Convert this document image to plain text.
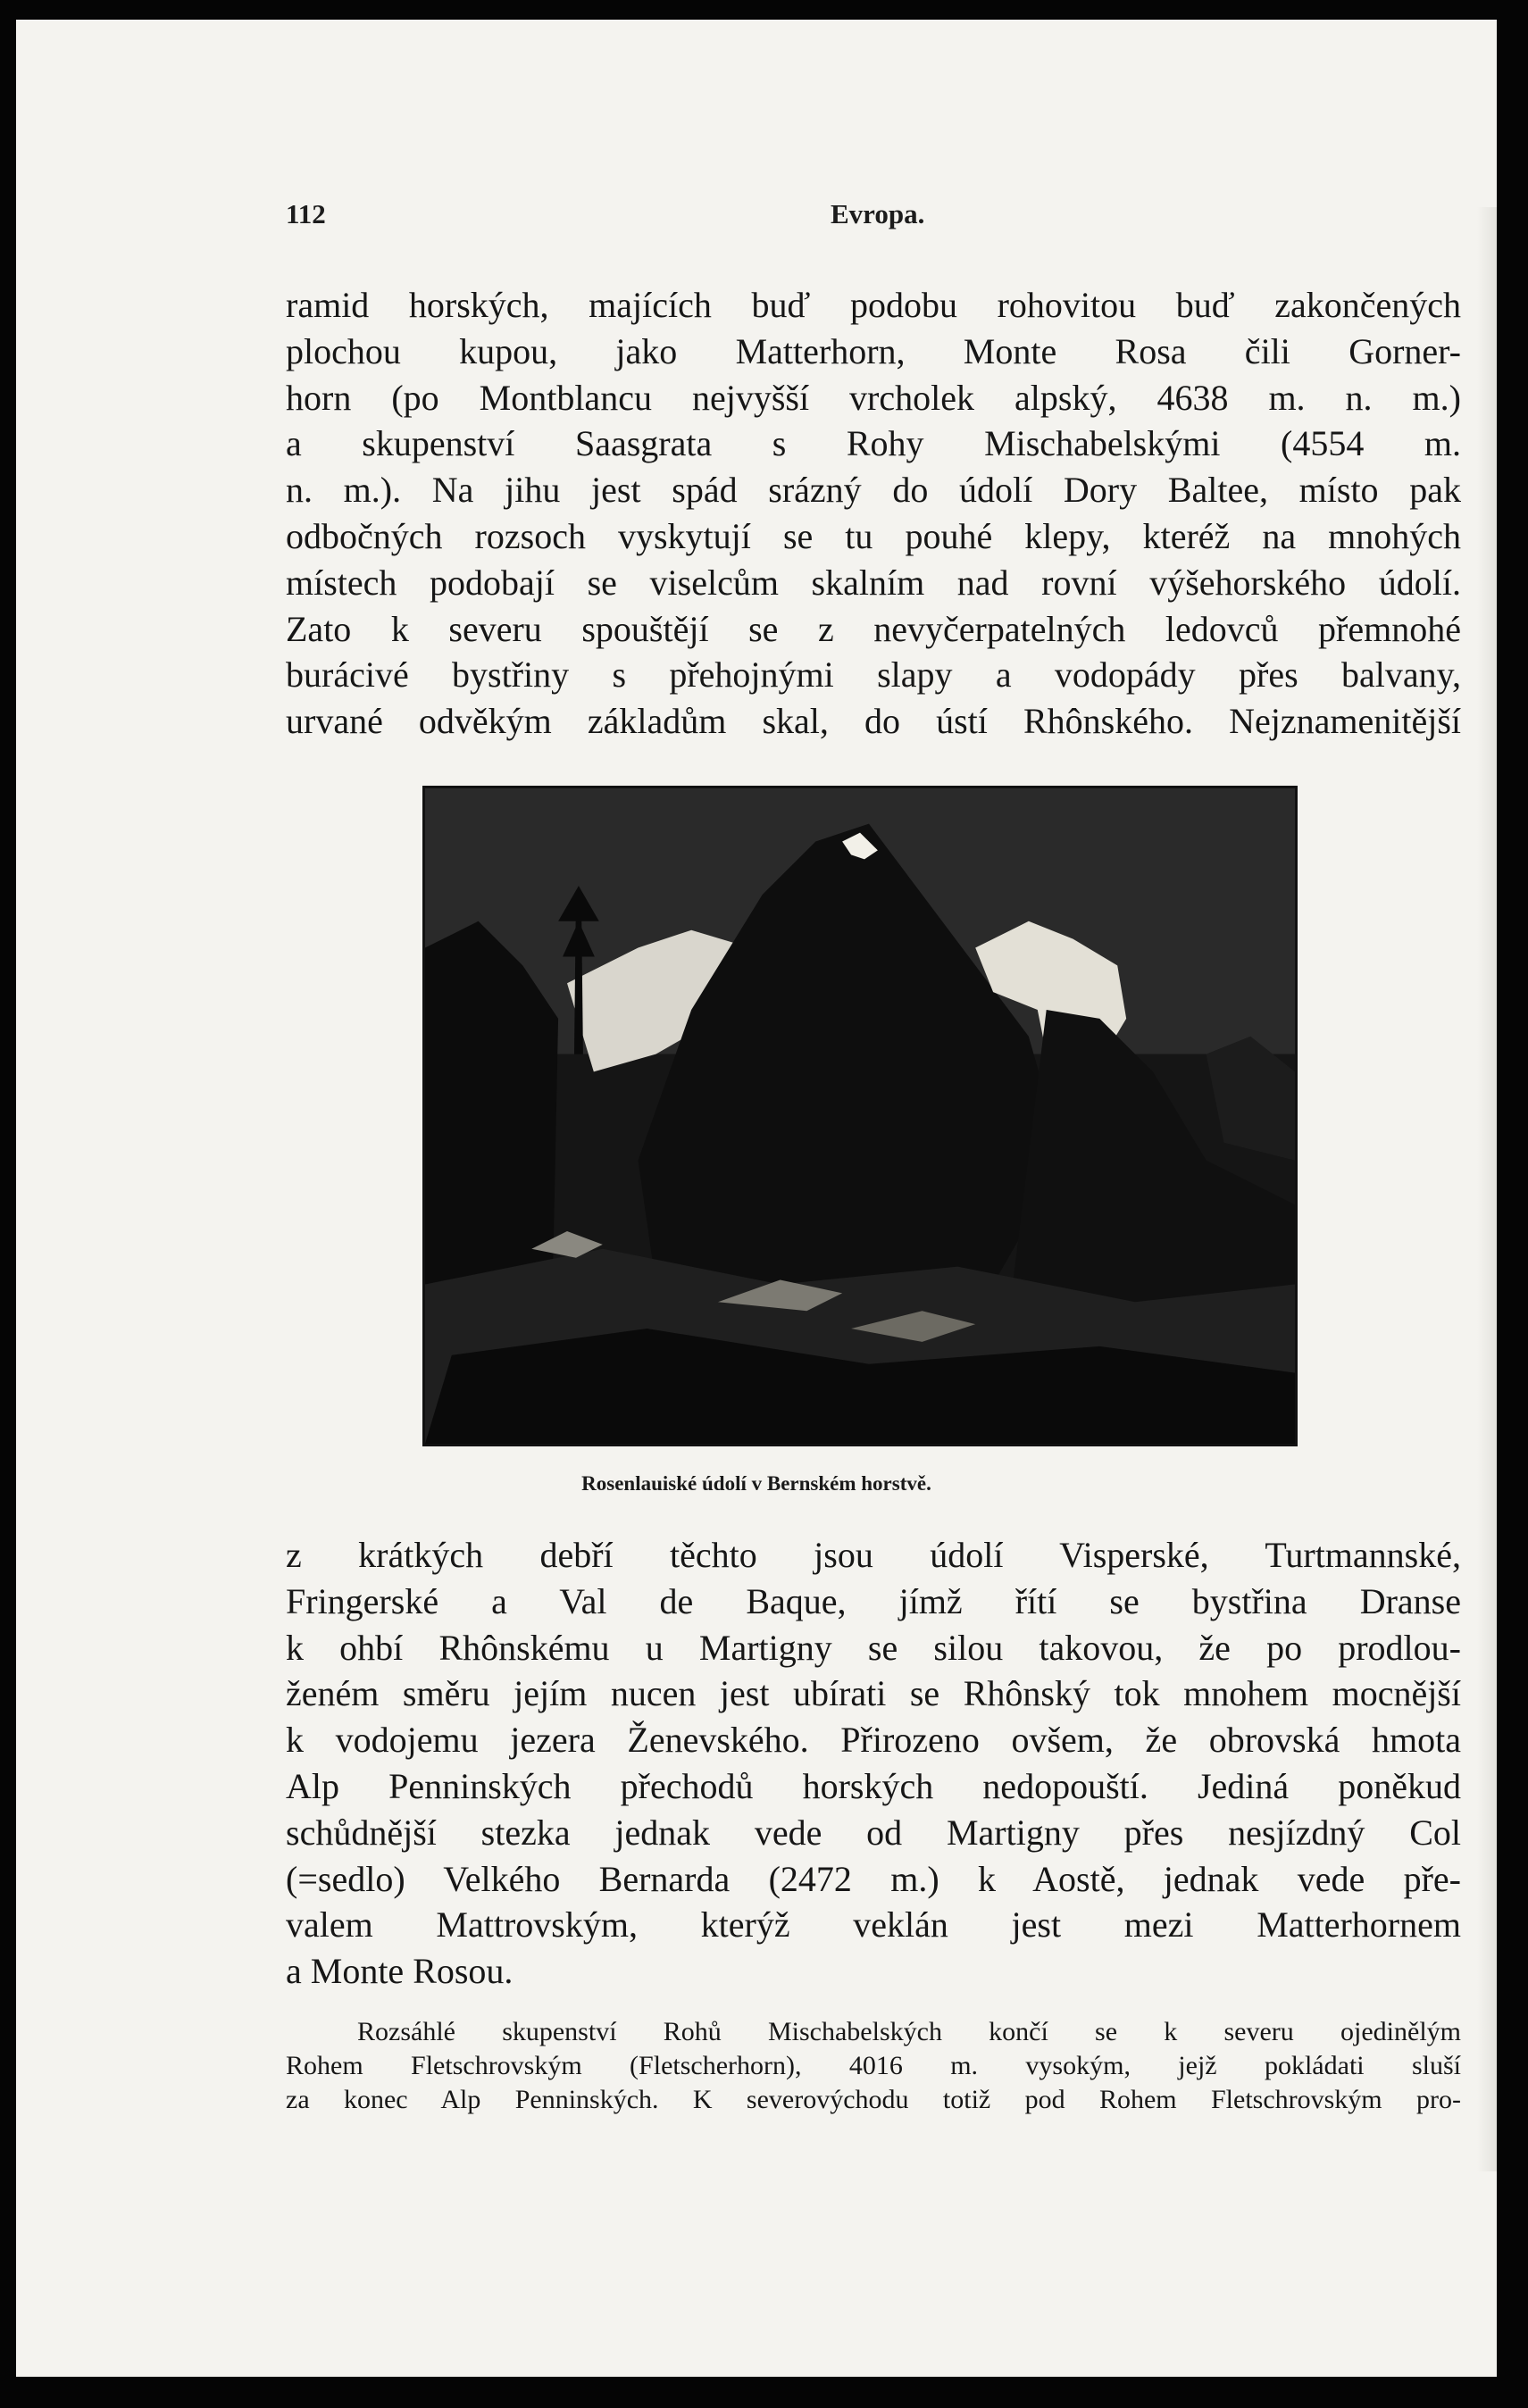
112	Evropa.

ramid horských, majících buď podobu rohovitou buď zakončených

plochou kupou, jako Matterhorn, Monte Rosa čili Gorner-

horn (po Montblancu nejvyšší vrcholek alpský, 4638 m. n. m.)

a skupenství Saasgrata s Rohy Mischabelskými (4554 m.

n. m.). Na jihu jest spád srázný do údolí Dory Baltee, místo pak

odbočných rozsoch vyskytují se tu pouhé klepy, kteréž na mnohých

místech podobají se viselcům skalním nad rovní výšehorského údolí.

Zato k severu spouštějí se z nevyčerpatelných ledovců přemnohé

burácivé bystřiny s přehojnými slapy a vodopády přes balvany,

urvané odvěkým základům skal, do ústí Rhônského. Nejznamenitější

Rosenlauiské údolí v Bernském horstvě.

z krátkých debří těchto jsou údolí Visperské, Turtmannské,

Fringerské a Val de Baque, jímž řítí se bystřina Dranse

k ohbí Rhônskému u Martigny se silou takovou, že po prodlou-

ženém směru jejím nucen jest ubírati se Rhônský tok mnohem mocnější

k vodojemu jezera Ženevského. Přirozeno ovšem, že obrovská hmota

Alp Penninských přechodů horských nedopouští. Jediná poněkud

schůdnější stezka jednak vede od Martigny přes nesjízdný Col

(=sedlo) Velkého Bernarda (2472 m.) k Aostě, jednak vede pře-

valem Mattrovským, kterýž veklán jest mezi Matterhornem

a Monte Rosou.

Rozsáhlé skupenství Rohů Mischabelských končí se k severu ojedinělým

Rohem Fletschrovským (Fletscherhorn), 4016 m. vysokým, jejž pokládati sluší

za konec Alp Penninských. K severovýchodu totiž pod Rohem Fletschrovským pro-
